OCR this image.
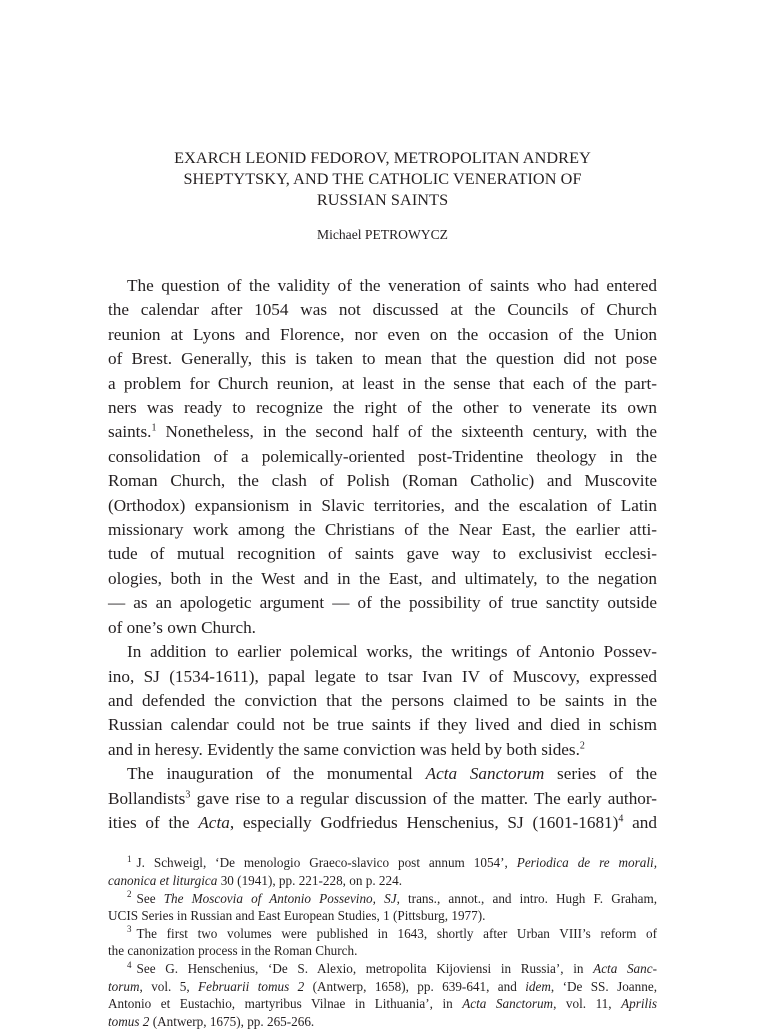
EXARCH LEONID FEDOROV, METROPOLITAN ANDREY
SHEPTYTSKY, AND THE CATHOLIC VENERATION OF
RUSSIAN SAINTS
Michael PETROWYCZ
The question of the validity of the veneration of saints who had entered
the calendar after 1054 was not discussed at the Councils of Church
reunion at Lyons and Florence, nor even on the occasion of the Union
of Brest. Generally, this is taken to mean that the question did not pose
a problem for Church reunion, at least in the sense that each of the part-
ners was ready to recognize the right of the other to venerate its own
saints.$^1$ Nonetheless, in the second half of the sixteenth century, with the
consolidation of a polemically-oriented post-Tridentine theology in the
Roman Church, the clash of Polish (Roman Catholic) and Muscovite
(Orthodox) expansionism in Slavic territories, and the escalation of Latin
missionary work among the Christians of the Near East, the earlier atti-
tude of mutual recognition of saints gave way to exclusivist ecclesi-
ologies, both in the West and in the East, and ultimately, to the negation
— as an apologetic argument — of the possibility of true sanctity outside
of one’s own Church.
In addition to earlier polemical works, the writings of Antonio Possev-
ino, SJ (1534-1611), papal legate to tsar Ivan IV of Muscovy, expressed
and defended the conviction that the persons claimed to be saints in the
Russian calendar could not be true saints if they lived and died in schism
and in heresy. Evidently the same conviction was held by both sides.$^2$
The inauguration of the monumental Acta Sanctorum series of the
Bollandists$^3$ gave rise to a regular discussion of the matter. The early author-
ities of the Acta, especially Godfriedus Henschenius, SJ (1601-1681)$^4$ and
$^1$ J. Schweigl, ‘De menologio Graeco-slavico post annum 1054’, Periodica de re morali,
canonica et liturgica 30 (1941), pp. 221-228, on p. 224.
$^2$ See The Moscovia of Antonio Possevino, SJ, trans., annot., and intro. Hugh F. Graham,
UCIS Series in Russian and East European Studies, 1 (Pittsburg, 1977).
$^3$ The first two volumes were published in 1643, shortly after Urban VIII’s reform of
the canonization process in the Roman Church.
$^4$ See G. Henschenius, ‘De S. Alexio, metropolita Kijoviensi in Russia’, in Acta Sanc-
torum, vol. 5, Februarii tomus 2 (Antwerp, 1658), pp. 639-641, and idem, ‘De SS. Joanne,
Antonio et Eustachio, martyribus Vilnae in Lithuania’, in Acta Sanctorum, vol. 11, Aprilis
tomus 2 (Antwerp, 1675), pp. 265-266.
